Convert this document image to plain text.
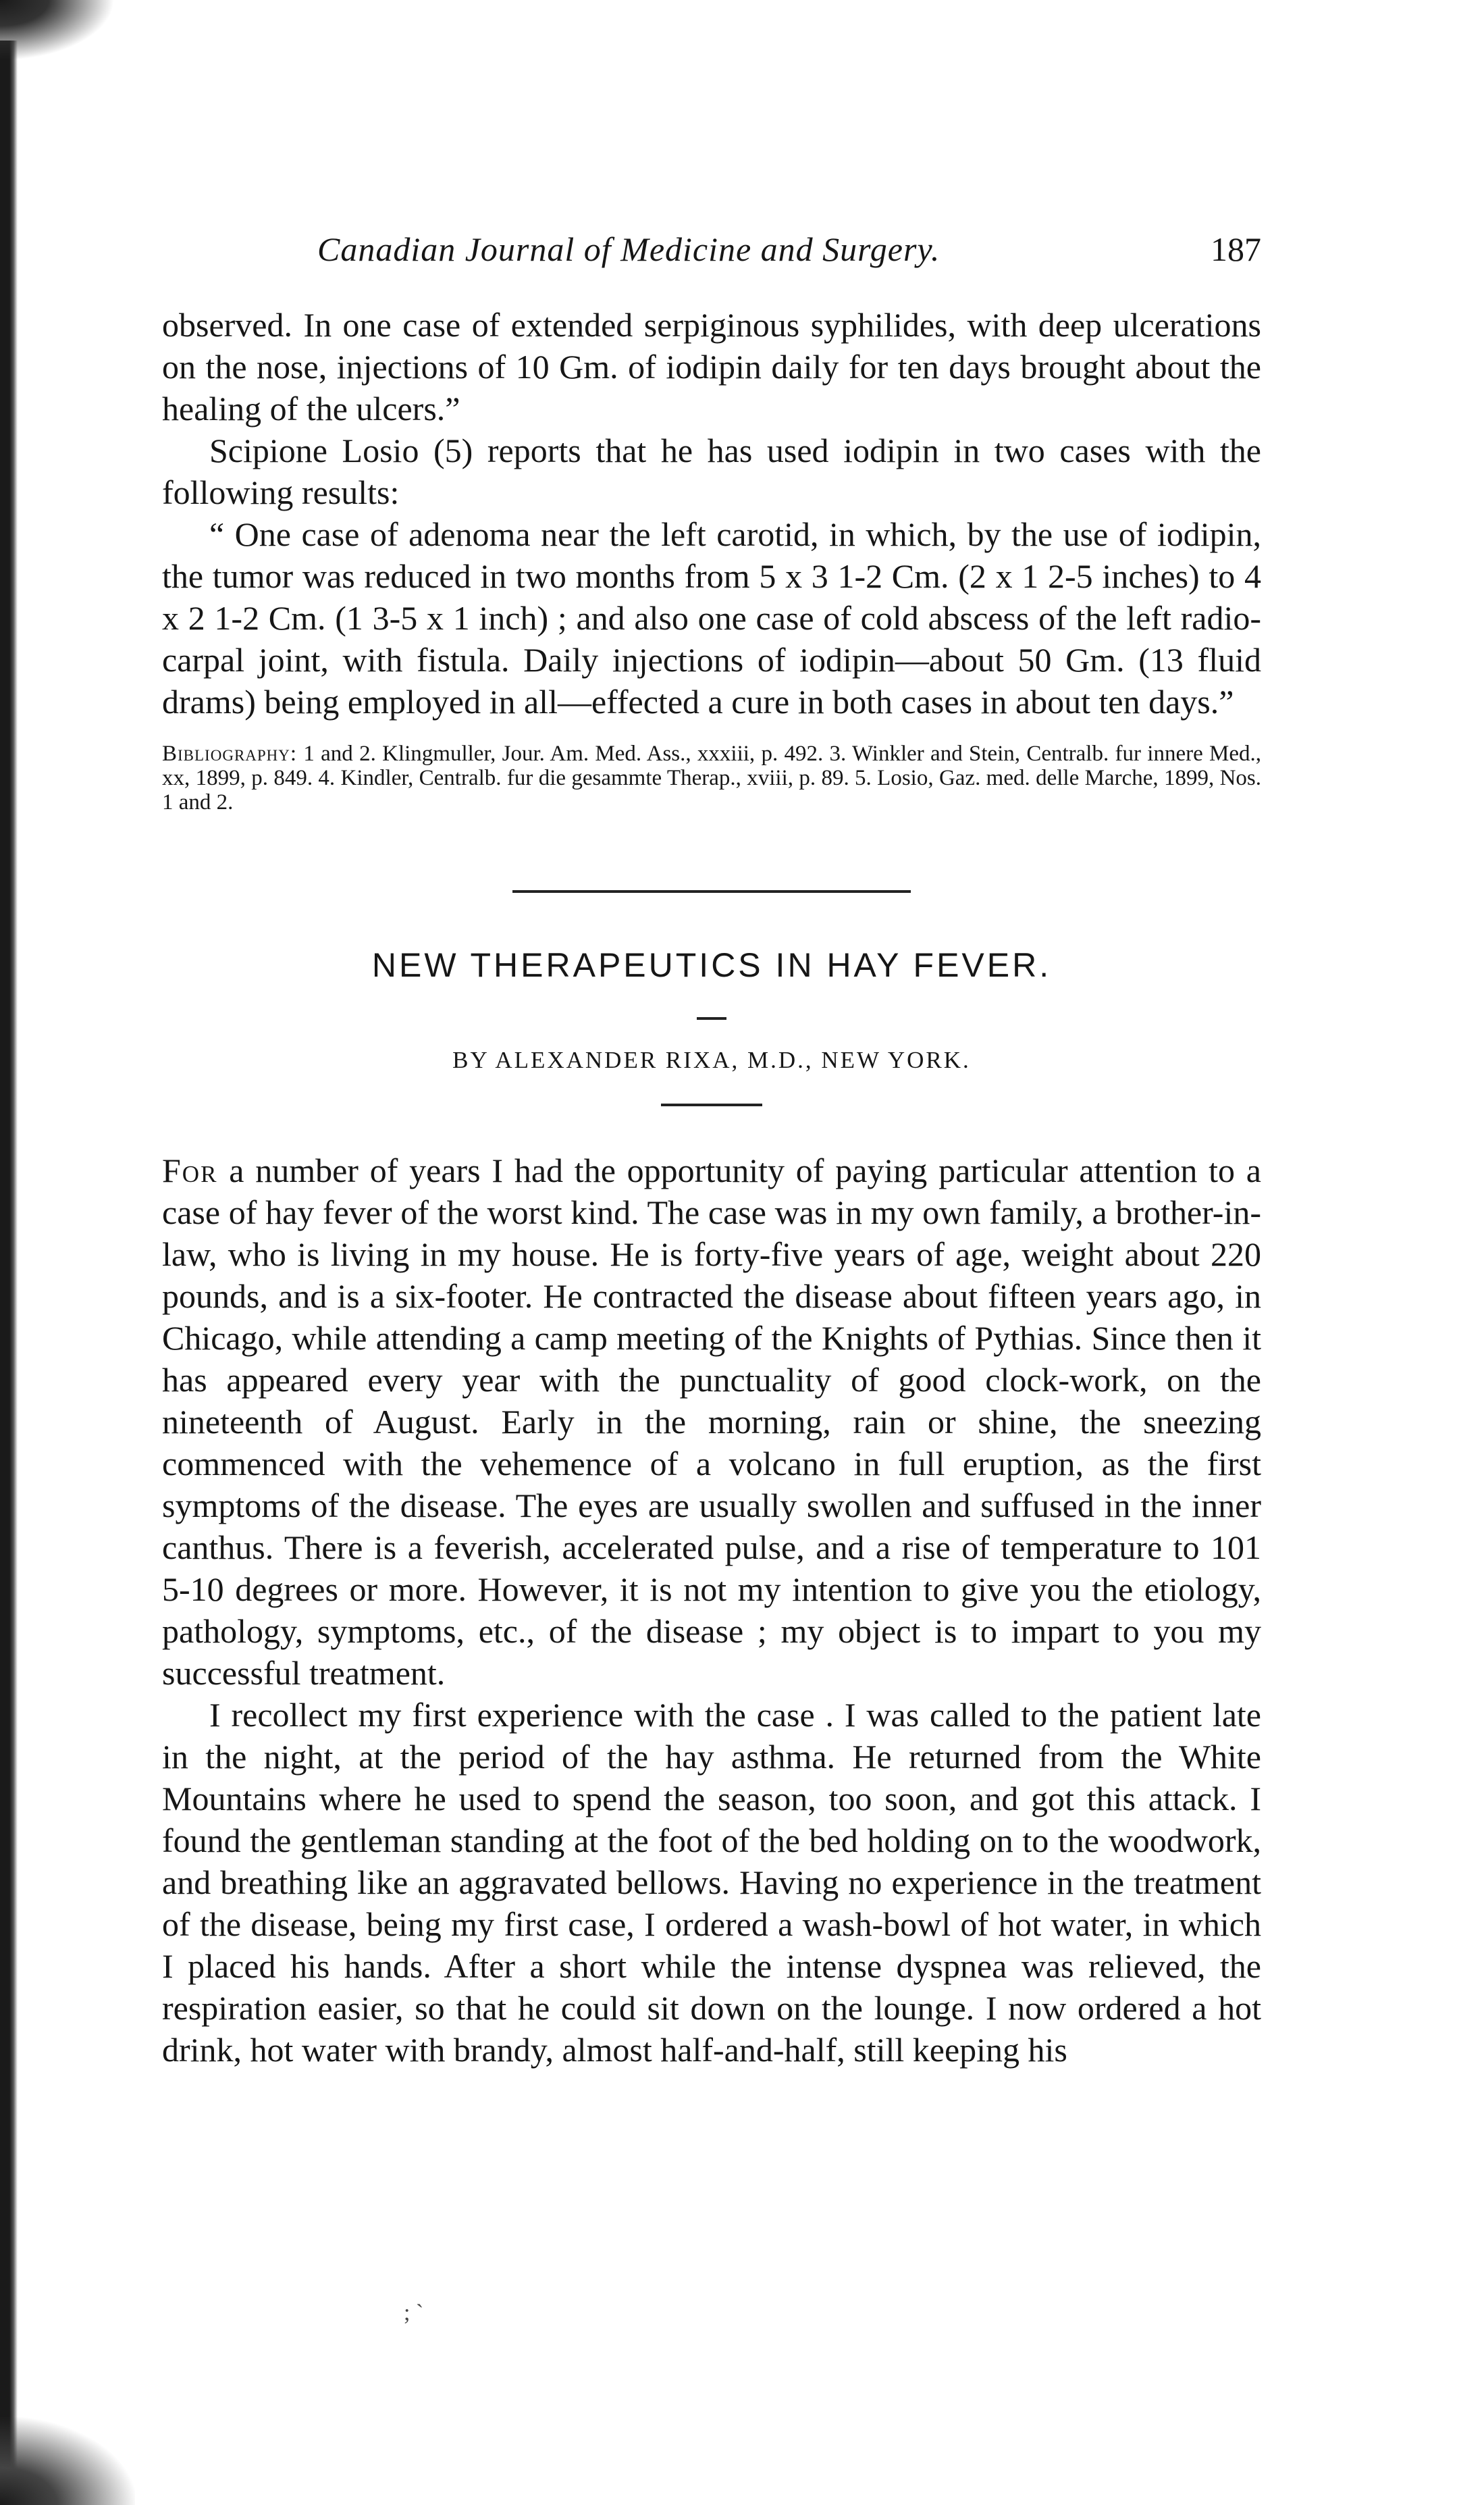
Canadian Journal of Medicine and Surgery.	187

observed. In one case of extended serpiginous syphilides, with deep ulcerations on the nose, injections of 10 Gm. of iodipin daily for ten days brought about the healing of the ulcers.”

Scipione Losio (5) reports that he has used iodipin in two cases with the following results:

“ One case of adenoma near the left carotid, in which, by the use of iodipin, the tumor was reduced in two months from 5 x 3 1-2 Cm. (2 x 1 2-5 inches) to 4 x 2 1-2 Cm. (1 3-5 x 1 inch) ; and also one case of cold abscess of the left radio-carpal joint, with fistula. Daily injections of iodipin—about 50 Gm. (13 fluid drams) being employed in all—effected a cure in both cases in about ten days.”

Bibliography: 1 and 2. Klingmuller, Jour. Am. Med. Ass., xxxiii, p. 492. 3. Winkler and Stein, Centralb. fur innere Med., xx, 1899, p. 849. 4. Kindler, Centralb. fur die gesammte Therap., xviii, p. 89. 5. Losio, Gaz. med. delle Marche, 1899, Nos. 1 and 2.
NEW THERAPEUTICS IN HAY FEVER.
BY ALEXANDER RIXA, M.D., NEW YORK.

For a number of years I had the opportunity of paying particular attention to a case of hay fever of the worst kind. The case was in my own family, a brother-in-law, who is living in my house. He is forty-five years of age, weight about 220 pounds, and is a six-footer. He contracted the disease about fifteen years ago, in Chicago, while attending a camp meeting of the Knights of Pythias. Since then it has appeared every year with the punctuality of good clock-work, on the nineteenth of August. Early in the morning, rain or shine, the sneezing commenced with the vehemence of a volcano in full eruption, as the first symptoms of the disease. The eyes are usually swollen and suffused in the inner canthus. There is a feverish, accelerated pulse, and a rise of temperature to 101 5-10 degrees or more. However, it is not my intention to give you the etiology, pathology, symptoms, etc., of the disease ; my object is to impart to you my successful treatment.

I recollect my first experience with the case . I was called to the patient late in the night, at the period of the hay asthma. He returned from the White Mountains where he used to spend the season, too soon, and got this attack. I found the gentleman standing at the foot of the bed holding on to the woodwork, and breathing like an aggravated bellows. Having no experience in the treatment of the disease, being my first case, I ordered a wash-bowl of hot water, in which I placed his hands. After a short while the intense dyspnea was relieved, the respiration easier, so that he could sit down on the lounge. I now ordered a hot drink, hot water with brandy, almost half-and-half, still keeping his

; ˋ
